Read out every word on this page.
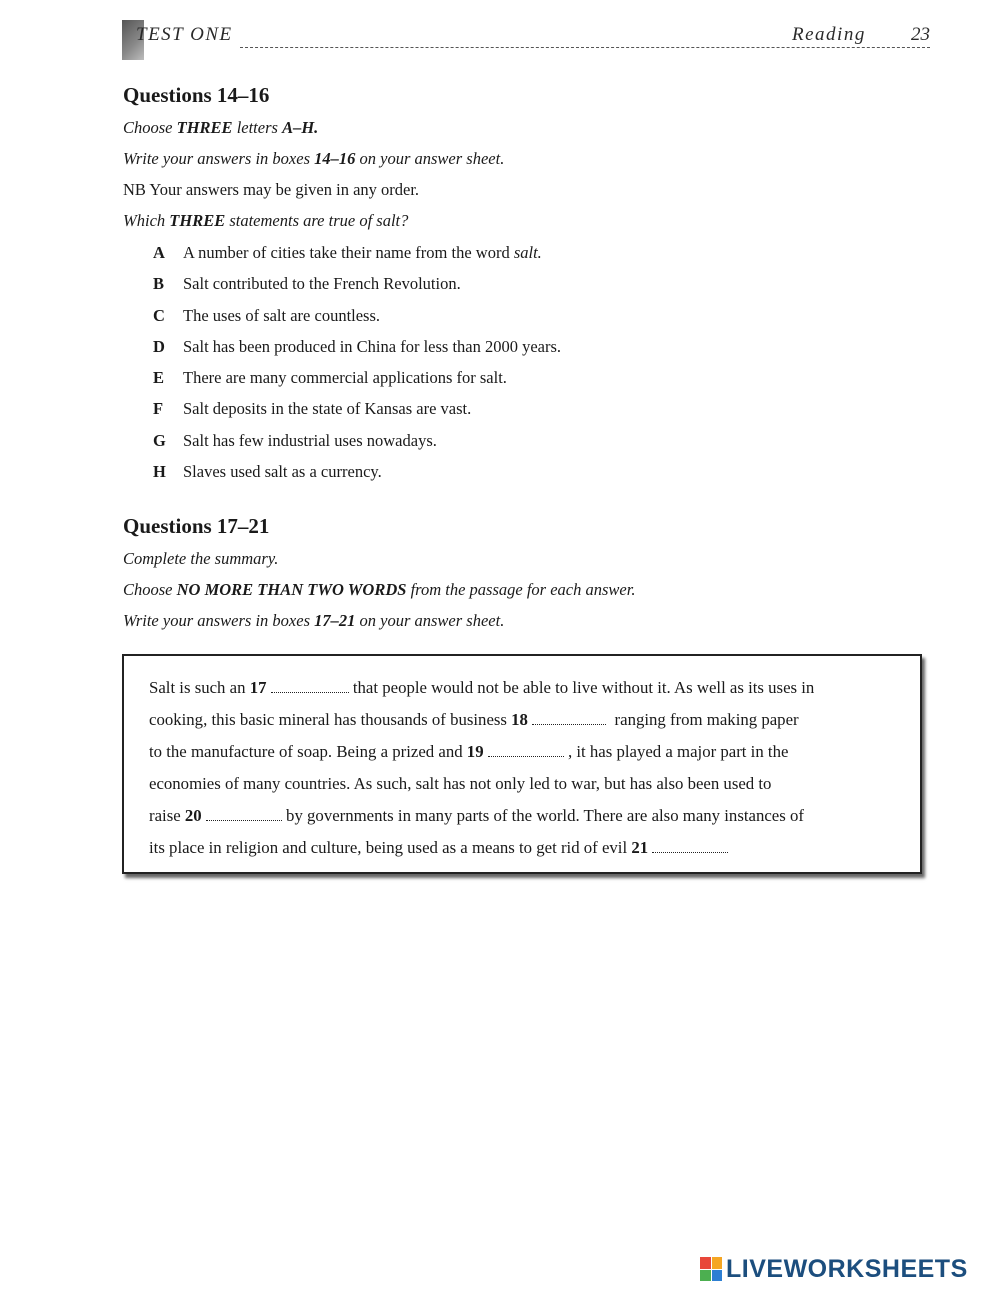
TEST ONE	Reading 23
Questions 14–16
Choose THREE letters A–H.
Write your answers in boxes 14–16 on your answer sheet.
NB Your answers may be given in any order.
Which THREE statements are true of salt?
A A number of cities take their name from the word salt.
B Salt contributed to the French Revolution.
C The uses of salt are countless.
D Salt has been produced in China for less than 2000 years.
E There are many commercial applications for salt.
F Salt deposits in the state of Kansas are vast.
G Salt has few industrial uses nowadays.
H Slaves used salt as a currency.
Questions 17–21
Complete the summary.
Choose NO MORE THAN TWO WORDS from the passage for each answer.
Write your answers in boxes 17–21 on your answer sheet.
Salt is such an 17	that people would not be able to live without it. As well as its uses in
cooking, this basic mineral has thousands of business 18	ranging from making paper
to the manufacture of soap. Being a prized and 19	, it has played a major part in the
economies of many countries. As such, salt has not only led to war, but has also been used to
raise 20	by governments in many parts of the world. There are also many instances of
its place in religion and culture, being used as a means to get rid of evil 21
LIVEWORKSHEETS
